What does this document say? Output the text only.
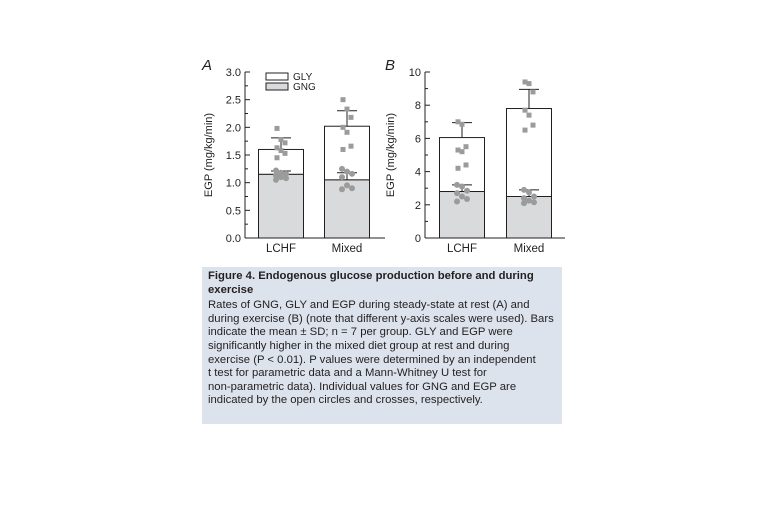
A
EGP (mg/kg/min)
LCHF	Mixed
0.0
0.5
1.0
1.5
2.0
2.5
3.0	GLY
GNG
B
EGP (mg/kg/min)
LCHF	Mixed
0
2
4
6
8
10

Figure 4. Endogenous glucose production before and during exercise

Rates of GNG, GLY and EGP during steady-state at rest (A) and
during exercise (B) (note that different y-axis scales were used). Bars
indicate the mean ± SD; n = 7 per group. GLY and EGP were
significantly higher in the mixed diet group at rest and during
exercise (P < 0.01). P values were determined by an independent
t test for parametric data and a Mann-Whitney U test for
non-parametric data). Individual values for GNG and EGP are
indicated by the open circles and crosses, respectively.
